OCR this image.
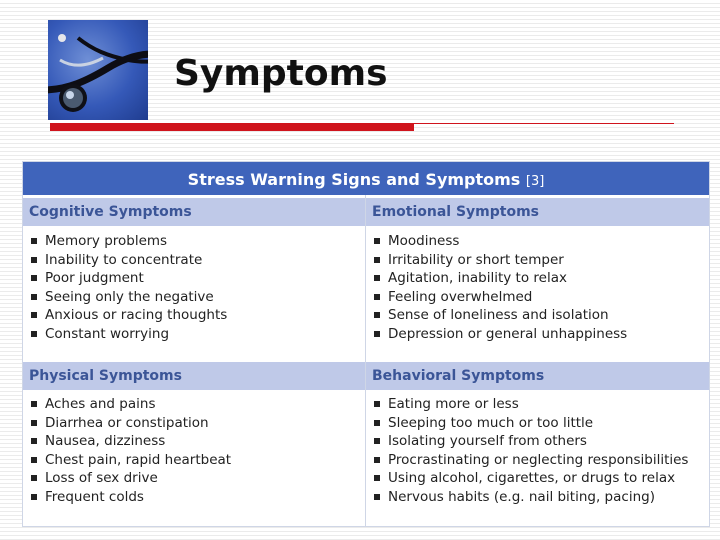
Symptoms
Stress Warning Signs and Symptoms [3]
Cognitive Symptoms
Memory problems
Inability to concentrate
Poor judgment
Seeing only the negative
Anxious or racing thoughts
Constant worrying
Emotional Symptoms
Moodiness
Irritability or short temper
Agitation, inability to relax
Feeling overwhelmed
Sense of loneliness and isolation
Depression or general unhappiness
Physical Symptoms
Aches and pains
Diarrhea or constipation
Nausea, dizziness
Chest pain, rapid heartbeat
Loss of sex drive
Frequent colds
Behavioral Symptoms
Eating more or less
Sleeping too much or too little
Isolating yourself from others
Procrastinating or neglecting responsibilities
Using alcohol, cigarettes, or drugs to relax
Nervous habits (e.g. nail biting, pacing)
